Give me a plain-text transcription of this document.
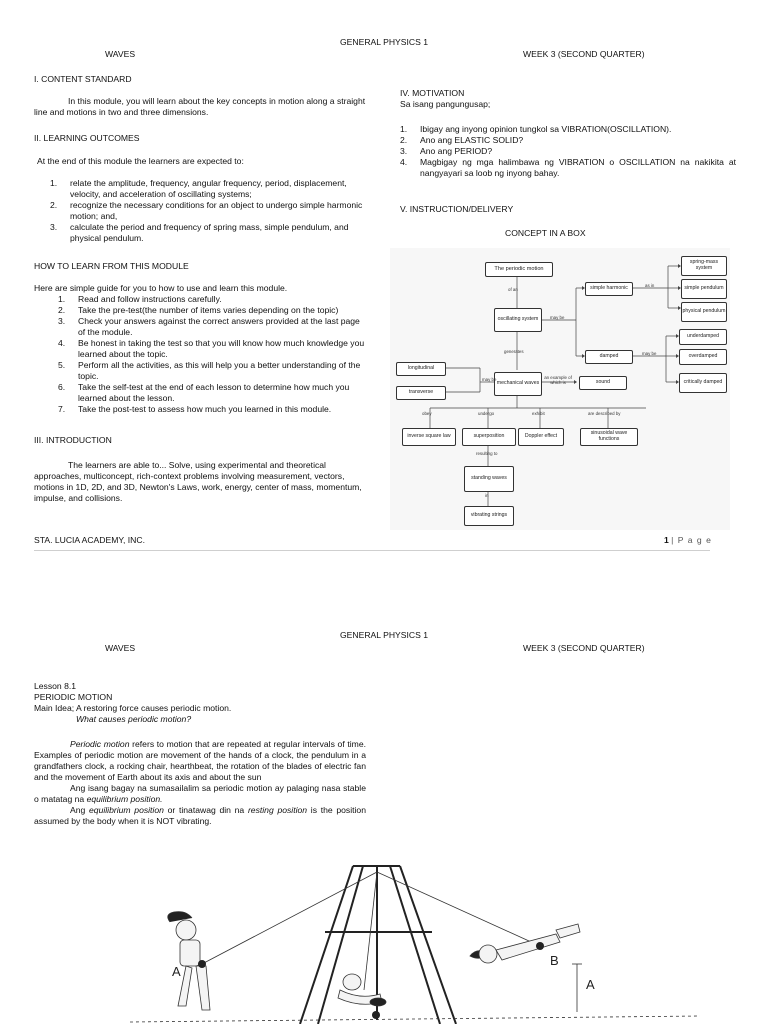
GENERAL PHYSICS 1
WAVES	WEEK 3 (SECOND QUARTER)

I. CONTENT STANDARD

In this module, you will learn about the key concepts in motion along a straight line and motions in two and three dimensions.

II. LEARNING OUTCOMES

At the end of this module the learners are expected to:

1.	relate the amplitude, frequency, angular frequency, period, displacement, velocity, and acceleration of oscillating systems;
2.	recognize the necessary conditions for an object to undergo simple harmonic motion; and,
3.	calculate the period and frequency of spring mass, simple pendulum, and physical pendulum.

HOW TO LEARN FROM THIS MODULE

Here are simple guide for you to how to use and learn this module.

1.	Read and follow instructions carefully.
2.	Take the pre-test(the number of items varies depending on the topic)
3.	Check your answers against the correct answers provided at the last page of the module.
4.	Be honest in taking the test so that you will know how much knowledge you learned about the topic.
5.	Perform all the activities, as this will help you a better understanding of the topic.
6.	Take the self-test at the end of each lesson to determine how much you learned about the lesson.
7.	Take the post-test to assess how much you learned in this module.

III. INTRODUCTION

The learners are able to... Solve, using experimental and theoretical approaches, multiconcept, rich-context problems involving measurement, vectors, motions in 1D, 2D, and 3D, Newton's Laws, work, energy, center of mass, momentum, impulse, and collisions.

IV. MOTIVATION

Sa isang pangungusap;

1.	Ibigay ang inyong opinion tungkol sa VIBRATION(OSCILLATION).
2.	Ano ang ELASTIC SOLID?
3.	Ano ang PERIOD?
4.	Magbigay ng mga halimbawa ng VIBRATION o OSCILLATION na nakikita at nangyayari sa loob ng inyong bahay.
V. INSTRUCTION/DELIVERY
CONCEPT IN A BOX
The periodic motion
oscillating system
simple harmonic
damped
spring-mass system
simple pendulum
physical pendulum
underdamped
overdamped
critically damped
longitudinal
transverse
mechanical waves	sound
inverse square law	superposition	Doppler effect	sinusoidal wave functions
standing waves
vibrating strings
of an
may be
as in
may be
generates
may be	an example of which is
obey	undergo	exhibit	are described by
resulting to
in
STA. LUCIA ACADEMY, INC.	1 | P a g e
GENERAL PHYSICS 1
WAVES	WEEK 3 (SECOND QUARTER)

Lesson 8.1

PERIODIC MOTION

Main Idea; A restoring force causes periodic motion.

What causes periodic motion?

Periodic motion refers to motion that are repeated at regular intervals of time. Examples of periodic motion are movement of the hands of a clock, the pendulum in a grandfathers clock, a rocking chair, hearthbeat, the rotation of the blades of electric fan and the movement of Earth about its axis and about the sun

Ang isang bagay na sumasailalim sa periodic motion ay palaging nasa stable o matatag na equilibrium position.

Ang equilibrium position or tinatawag din na resting position is the position assumed by the body when it is NOT vibrating.

A
B
A
